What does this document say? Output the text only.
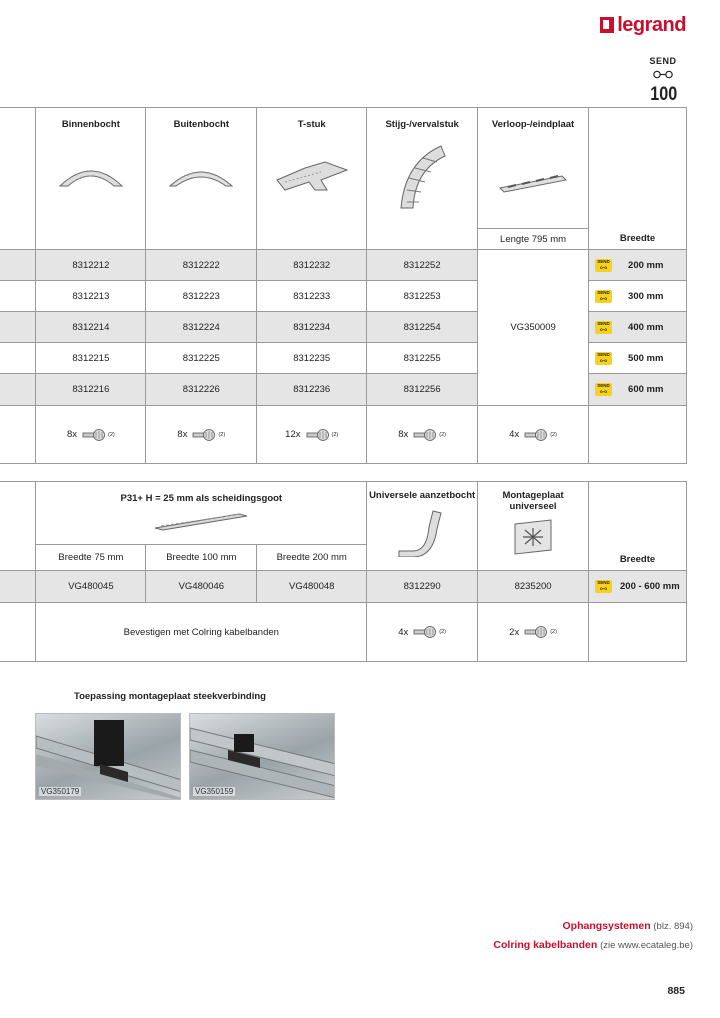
legrand
SEND
100
	Binnenbocht	Buitenbocht	T-stuk	Stijg-/vervalstuk	Verloop-/eindplaat	Breedte
					Lengte 795 mm	
	8312212	8312222	8312232	8312252	VG350009	SEND
o-o 200 mm

	8312213	8312223	8312233	8312253		SEND
o-o 300 mm

	8312214	8312224	8312234	8312254		SEND
o-o 400 mm

	8312215	8312225	8312235	8312255		SEND
o-o 500 mm

	8312216	8312226	8312236	8312256		SEND
o-o 600 mm

	8x (2)	8x (2)	12x (2)	8x (2)	4x (2)	

	P31+ H = 25 mm als scheidingsgoot			Universele aanzetbocht	Montageplaat universeel	Breedte
	Breedte 75 mm	Breedte 100 mm	Breedte 200 mm			
	VG480045	VG480046	VG480048	8312290	8235200	SEND
o-o 200 - 600 mm

	Bevestigen met Colring kabelbanden			4x (2)	2x (2)	

Toepassing montageplaat steekverbinding
VG350179	VG350159
Ophangsystemen (blz. 894)
Colring kabelbanden (zie www.ecataleg.be)
885
